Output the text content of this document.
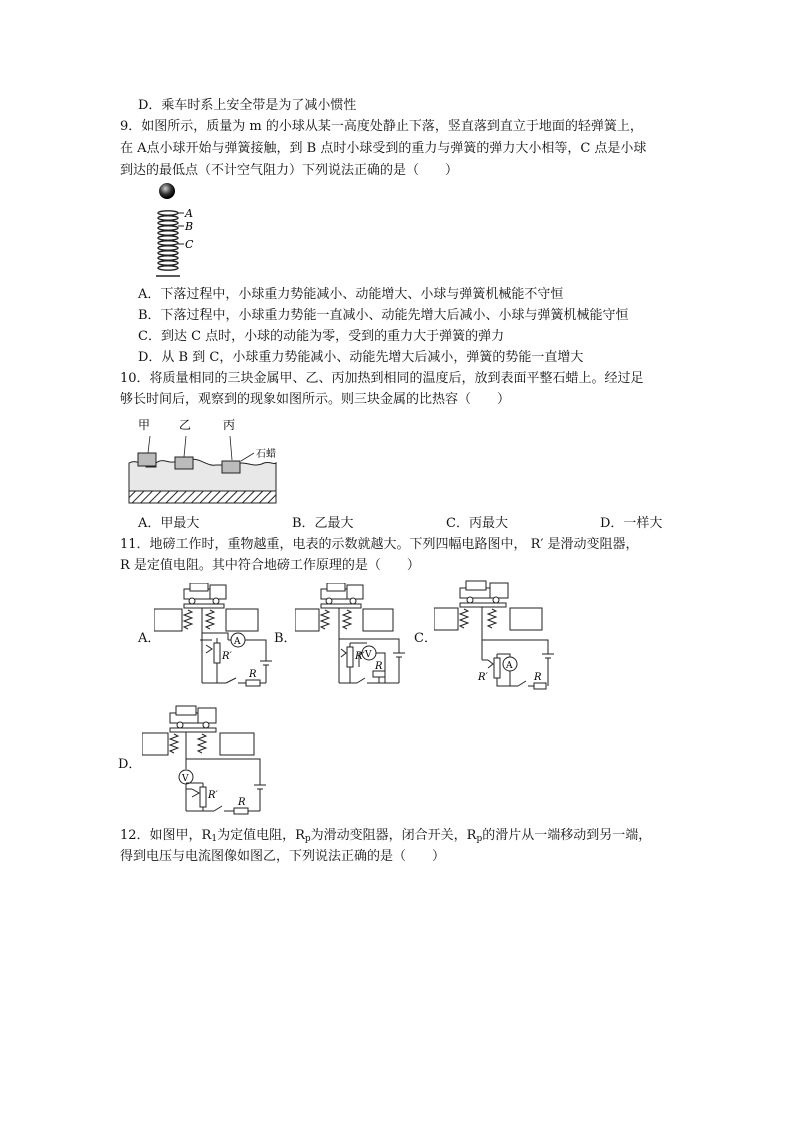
D．乘车时系上安全带是为了减小惯性
9．如图所示，质量为 m 的小球从某一高度处静止下落，竖直落到直立于地面的轻弹簧上，
在 A点小球开始与弹簧接触，到 B 点时小球受到的重力与弹簧的弹力大小相等，C 点是小球
到达的最低点（不计空气阻力）下列说法正确的是（　　）
A
B
C
A．下落过程中，小球重力势能减小、动能增大、小球与弹簧机械能不守恒
B．下落过程中，小球重力势能一直减小、动能先增大后减小、小球与弹簧机械能守恒
C．到达 C 点时，小球的动能为零，受到的重力大于弹簧的弹力
D．从 B 到 C，小球重力势能减小、动能先增大后减小，弹簧的势能一直增大
10．将质量相同的三块金属甲、乙、丙加热到相同的温度后，放到表面平整石蜡上。经过足
够长时间后，观察到的现象如图所示。则三块金属的比热容（　　）
甲 乙	丙
石蜡
A．甲最大	B．乙最大	C．丙最大	D．一样大
11．地磅工作时，重物越重，电表的示数就越大。下列四幅电路图中， R′ 是滑动变阻器，
R 是定值电阻。其中符合地磅工作原理的是（　　）
A．	B．	C．
D．
A
R′
R
V
R′
R	A
R′	R
V
R′
R
12．如图甲，$R_1$为定值电阻，$R_p$为滑动变阻器，闭合开关，$R_p$的滑片从一端移动到另一端，
得到电压与电流图像如图乙，下列说法正确的是（　　）
